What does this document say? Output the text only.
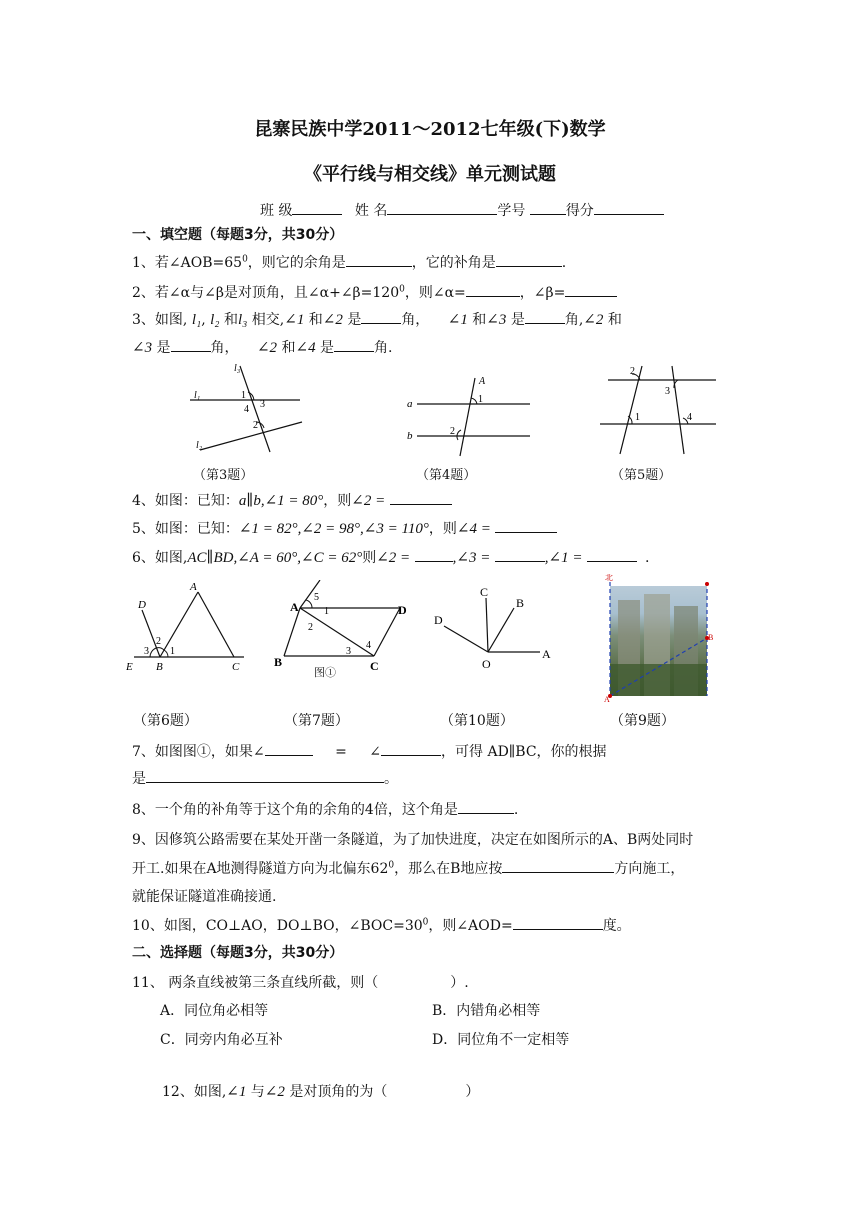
昆寨民族中学2011～2012七年级(下)数学
《平行线与相交线》单元测试题
班 级	姓 名	学号	得分
一、填空题（每题3分，共30分）
1、若$\angle AOB=65^0$，则它的余角是	，它的补角是	.
2、若∠α与∠β是对顶角，且$\angle\alpha+\angle\beta=120^0$，则∠α=	，∠β=
3、如图, l₁, l₂ 和l₃ 相交,∠1 和∠2 是	角， ∠1 和∠3 是	角,∠2 和
∠3 是	角， ∠2 和∠4 是	角.
l₃
l₁	1
3
4
2
l₂
A
a	1
b	2
2
3
1	4
（第3题）	（第4题）	（第5题）
4、如图：已知：a∥b,∠1 = 80°，则∠2 =
5、如图：已知：∠1 = 82°,∠2 = 98°,∠3 = 110°，则∠4 =
6、如图,AC∥BD,∠A = 60°,∠C = 62°则∠2 =	,∠3 =	,∠1 =	.
D
A
2
3 1
E B	C
5
A	1	D
2
4
3
B	C
图①
C
B
D
O
A
北
B
A
（第6题）	（第7题）	（第10题）	（第9题）
7、如图图①，如果∠	= ∠	，可得 AD∥BC，你的根据
是	。
8、一个角的补角等于这个角的余角的4倍，这个角是	.
9、因修筑公路需要在某处开凿一条隧道，为了加快进度，决定在如图所示的A、B两处同时
开工.如果在A地测得隧道方向为北偏东$62^0$，那么在B地应按	方向施工，
就能保证隧道准确接通.
10、如图，CO⊥AO，DO⊥BO，$\angle BOC=30^0$，则∠AOD=	度。
二、选择题（每题3分，共30分）
11、 两条直线被第三条直线所截，则（	）.
A．同位角必相等	B．内错角必相等
C．同旁内角必互补	D．同位角不一定相等
12、如图,∠1 与∠2 是对顶角的为（	）
